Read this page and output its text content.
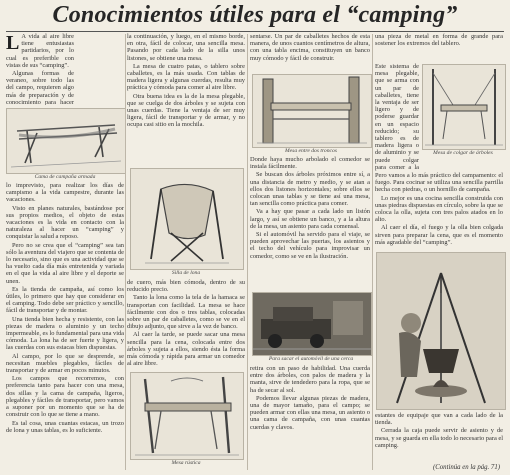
Conocimientos útiles para el “camping”

L A vida al aire libre tiene entusiastas partidarios, por lo cual es preferible con vistas de sus “camping”.

Algunas formas de veraneo, sobre todo las del campo, requieren algo más de preparación y de conocimiento para hacer

Cama de campaña armada

lo imprevisto, para realizar los días de campismo a la vida campestre, durante las vacaciones.

Visto en planes naturales, bastándose por sus propios medios, el objeto de estas vacaciones es la vida en contacto con la naturaleza al hacer un “camping” y conquistar la salud a reposo.

Pero no se crea que el “camping” sea tan sólo la aventura del viajero que se contenta de lo necesario, sino que es una actividad que se ha vuelto cada día más entretenida y variada en el que la vida al aire libre y el deporte se unen.

Es la tienda de campaña, así como los útiles, lo primero que hay que considerar en el camping. Todo debe ser práctico y sencillo, fácil de transportar y de montar.

Una tienda bien hecha y resistente, con las piezas de madera o aluminio y un techo impermeable, es lo fundamental para una vida cómoda. La lona ha de ser fuerte y ligera, y las cuerdas con sus estacas bien dispuestas.

Al campo, por lo que se desprende, se necesitan muebles plegables, fáciles de transportar y de armar en pocos minutos.

Los campos que recorremos, con preferencia tanto para hacer con una mesa, dos sillas y la cama de campaña, ligeros, plegables y fáciles de transportar, pero vamos a suponer por un momento que se ha de construir con lo que se tiene a mano.

Es tal cosa, unas cuantas estacas, un trozo de lona y unas tablas, es lo suficiente.

la continuación, y luego, en el mismo borde, en otra, fácil de colocar, una sencilla mesa. Pasando por cada lado de la silla unos listones, se obtiene una mesa.

La mesa de cuatro patas, o tablero sobre caballetes, es la más usada. Con tablas de madera ligera y algunas cuerdas, resulta muy práctica y cómoda para comer al aire libre.

Otra buena idea es la de la mesa plegable, que se cuelga de dos árboles y se sujeta con unas cuerdas. Tiene la ventaja de ser muy ligera, fácil de transportar y de armar, y no ocupa casi sitio en la mochila.

Silla de lona

de cuero, más bien cómoda, dentro de su reducido precio.

Tanto la lona como la tela de la hamaca se transportan con facilidad. La mesa se hace fácilmente con dos o tres tablas, colocadas sobre un par de caballetes, como se ve en el dibujo adjunto, que sirve a la vez de banco.

Al caer la tarde, se puede sacar una mesa sencilla para la cena, colocada entre dos árboles y sujeta a ellos, siendo ésta la forma más cómoda y rápida para armar un comedor al aire libre.

Mesa rústica

sentarse. Un par de caballetes hechos de esta manera, de unos cuantos centímetros de altura, con una tabla encima, constituyen un banco muy cómodo y fácil de construir.

Mesa entre dos troncos

Donde haya mucho arbolado el comedor se instala fácilmente.

Se buscan dos árboles próximos entre sí, a una distancia de metro y medio, y se atan a ellos dos listones horizontales; sobre ellos se colocan unas tablas y se tiene así una mesa, tan sencilla como práctica para comer.

Va a hay que pasar a cada lado un listón largo, y así se obtiene un banco, y a la altura de la mesa, un asiento para cada comensal.

Si el automóvil ha servido para el viaje, se pueden aprovechar las puertas, los asientos y el techo del vehículo para improvisar un comedor, como se ve en la ilustración.

Para sacar el automóvil de una cerca

retira con un paso de habilidad. Una cuerda entre dos árboles, con palos de madera y la manta, sirve de tendedero para la ropa, que se ha de secar al sol.

Podemos llevar algunas piezas de madera, una de mayor tamaño, para el campo; se pueden armar con ellas una mesa, un asiento o una cama de campaña, con unas cuantas cuerdas y clavos.

una pieza de metal en forma de grande para sostener los extremos del tablero.

Este sistema de mesa plegable, que se arma con un par de caballetes, tiene la ventaja de ser ligero y de poderse guardar en un espacio reducido; su tablero es de madera ligera o de aluminio y se puede colgar para comer a la

Mesa de colgar de árboles

Pero vamos a lo más práctico del campamento: el fuego. Para cocinar se utiliza una sencilla parrilla hecha con piedras, o un hornillo de campaña.

Lo mejor es una cocina sencilla construida con unas piedras dispuestas en círculo, sobre la que se coloca la olla, sujeta con tres palos atados en lo alto.

Al caer el día, el fuego y la olla bien colgada sirven para preparar la cena, que es el momento más agradable del “camping”.

estantes de equipaje que van a cada lado de la tienda.

Cerrada la caja puede servir de asiento y de mesa, y se guarda en ella todo lo necesario para el camping.

(Continúa en la pág. 71)
